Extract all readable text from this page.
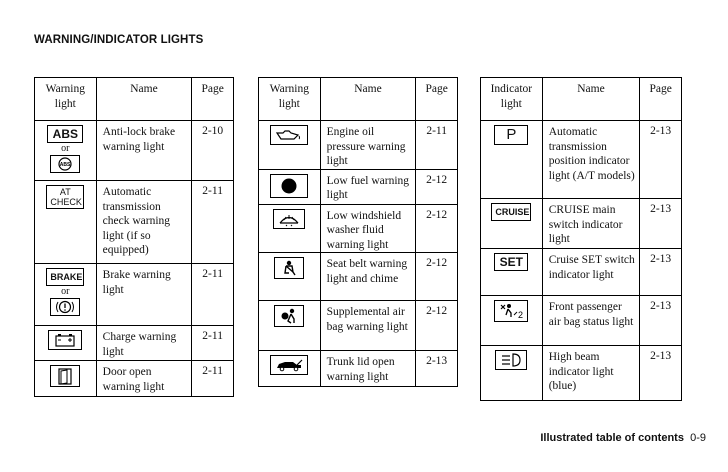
WARNING/INDICATOR LIGHTS
Warning light	Name	Page
ABS
or
ABS	Anti-lock brake warning light	2-10
AT
CHECK	Automatic transmission check warning light (if so equipped)	2-11
BRAKE
or	Brake warning light	2-11

	Charge warning light	2-11

	Door open warning light	2-11
Warning light	Name	Page

	Engine oil pressure warning light	2-11

	Low fuel warning light	2-12

	Low windshield washer fluid warning light	2-12

	Seat belt warning light and chime	2-12

	Supplemental air bag warning light	2-12

	Trunk lid open warning light	2-13
Indicator light	Name	Page
P	Automatic transmission position indicator light (A/T models)	2-13
CRUISE	CRUISE main switch indicator light	2-13
SET	Cruise SET switch indicator light	2-13

2	Front passenger air bag status light	2-13

	High beam indicator light (blue)	2-13
Illustrated table of contents 0-9
